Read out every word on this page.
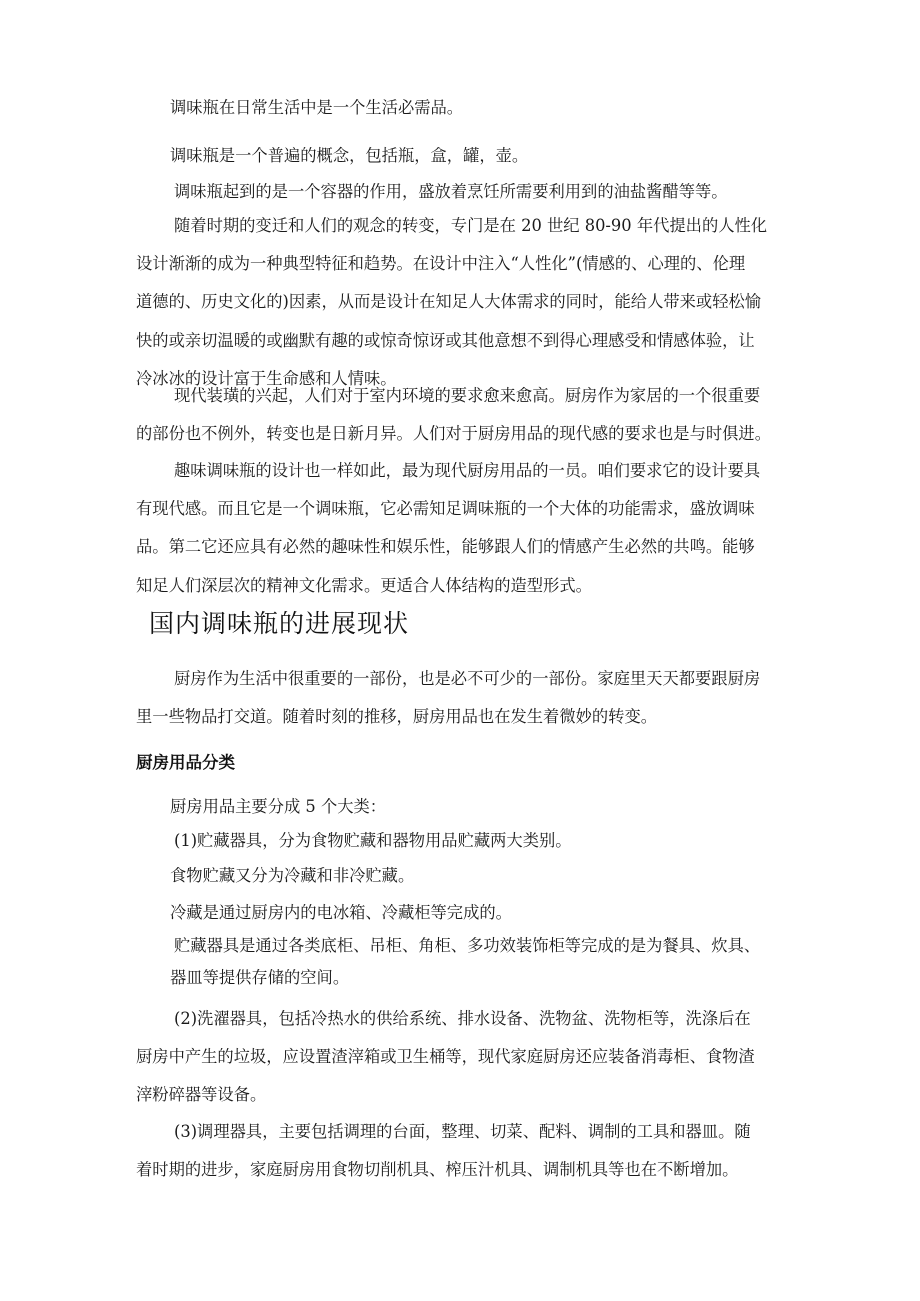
调味瓶在日常生活中是一个生活必需品。

调味瓶是一个普遍的概念，包括瓶，盒，罐，壶。

调味瓶起到的是一个容器的作用，盛放着烹饪所需要利用到的油盐酱醋等等。

随着时期的变迁和人们的观念的转变，专门是在 20 世纪 80-90 年代提出的人性化
设计渐渐的成为一种典型特征和趋势。在设计中注入“人性化”(情感的、心理的、伦理
道德的、历史文化的)因素，从而是设计在知足人大体需求的同时，能给人带来或轻松愉
快的或亲切温暖的或幽默有趣的或惊奇惊讶或其他意想不到得心理感受和情感体验，让
冷冰冰的设计富于生命感和人情味。
现代装璜的兴起，人们对于室内环境的要求愈来愈高。厨房作为家居的一个很重要
的部份也不例外，转变也是日新月异。人们对于厨房用品的现代感的要求也是与时俱进。
趣味调味瓶的设计也一样如此，最为现代厨房用品的一员。咱们要求它的设计要具
有现代感。而且它是一个调味瓶，它必需知足调味瓶的一个大体的功能需求，盛放调味
品。第二它还应具有必然的趣味性和娱乐性，能够跟人们的情感产生必然的共鸣。能够
知足人们深层次的精神文化需求。更适合人体结构的造型形式。
国内调味瓶的进展现状
厨房作为生活中很重要的一部份，也是必不可少的一部份。家庭里天天都要跟厨房
里一些物品打交道。随着时刻的推移，厨房用品也在发生着微妙的转变。
厨房用品分类

厨房用品主要分成 5 个大类：

(1)贮藏器具，分为食物贮藏和器物用品贮藏两大类别。

食物贮藏又分为冷藏和非冷贮藏。

冷藏是通过厨房内的电冰箱、冷藏柜等完成的。

贮藏器具是通过各类底柜、吊柜、角柜、多功效装饰柜等完成的是为餐具、炊具、
器皿等提供存储的空间。
(2)洗濯器具，包括冷热水的供给系统、排水设备、洗物盆、洗物柜等，洗涤后在
厨房中产生的垃圾，应设置渣滓箱或卫生桶等，现代家庭厨房还应装备消毒柜、食物渣
滓粉碎器等设备。
(3)调理器具，主要包括调理的台面，整理、切菜、配料、调制的工具和器皿。随
着时期的进步，家庭厨房用食物切削机具、榨压汁机具、调制机具等也在不断增加。
